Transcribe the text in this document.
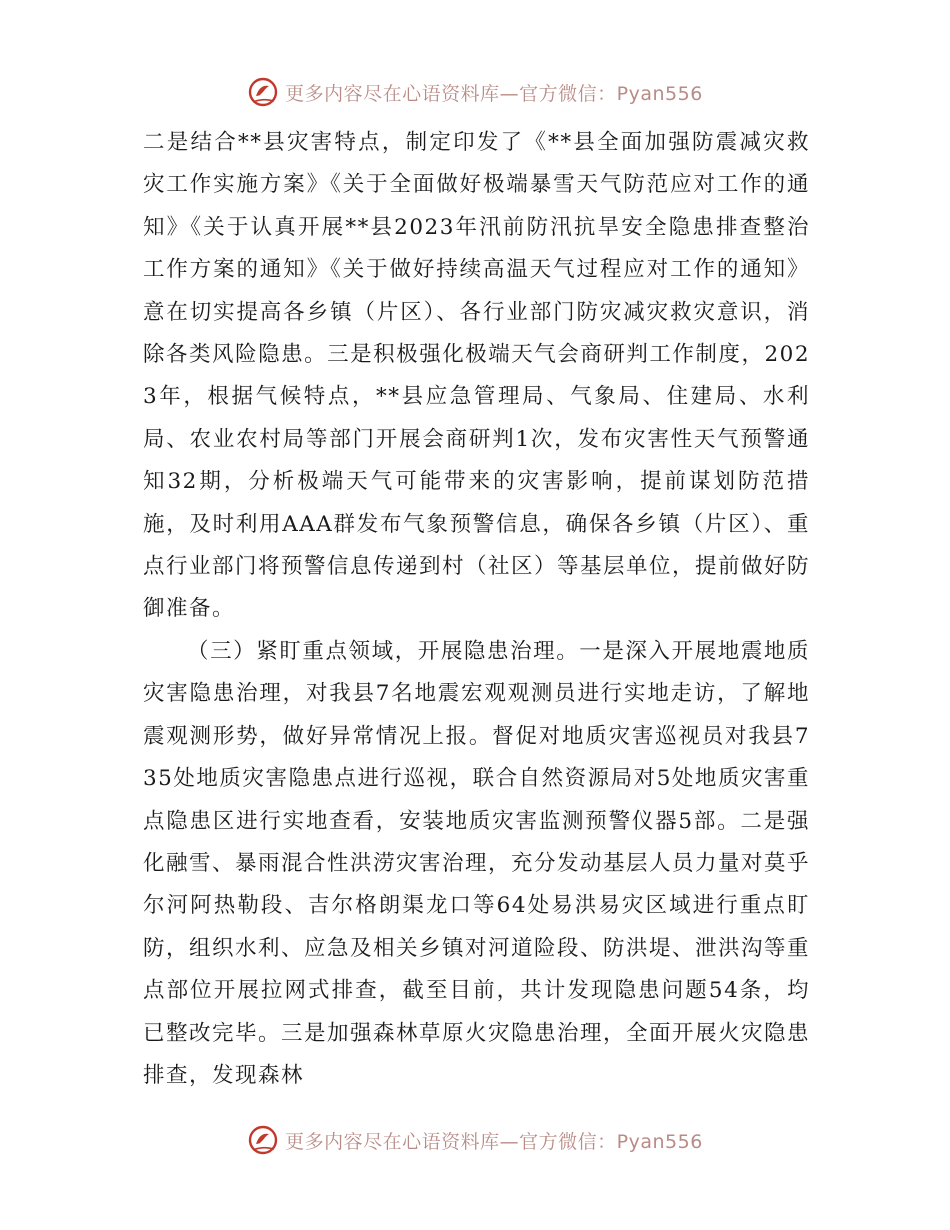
更多内容尽在心语资料库—官方微信：Pyan556

二是结合**县灾害特点，制定印发了《**县全面加强防震减灾救灾工作实施方案》《关于全面做好极端暴雪天气防范应对工作的通知》《关于认真开展**县2023年汛前防汛抗旱安全隐患排查整治工作方案的通知》《关于做好持续高温天气过程应对工作的通知》意在切实提高各乡镇（片区）、各行业部门防灾减灾救灾意识，消除各类风险隐患。三是积极强化极端天气会商研判工作制度，2023年，根据气候特点，**县应急管理局、气象局、住建局、水利局、农业农村局等部门开展会商研判1次，发布灾害性天气预警通知32期，分析极端天气可能带来的灾害影响，提前谋划防范措施，及时利用AAA群发布气象预警信息，确保各乡镇（片区）、重点行业部门将预警信息传递到村（社区）等基层单位，提前做好防御准备。

（三）紧盯重点领域，开展隐患治理。一是深入开展地震地质灾害隐患治理，对我县7名地震宏观观测员进行实地走访，了解地震观测形势，做好异常情况上报。督促对地质灾害巡视员对我县735处地质灾害隐患点进行巡视，联合自然资源局对5处地质灾害重点隐患区进行实地查看，安装地质灾害监测预警仪器5部。二是强化融雪、暴雨混合性洪涝灾害治理，充分发动基层人员力量对莫乎尔河阿热勒段、吉尔格朗渠龙口等64处易洪易灾区域进行重点盯防，组织水利、应急及相关乡镇对河道险段、防洪堤、泄洪沟等重点部位开展拉网式排查，截至目前，共计发现隐患问题54条，均已整改完毕。三是加强森林草原火灾隐患治理，全面开展火灾隐患排查，发现森林

更多内容尽在心语资料库—官方微信：Pyan556
